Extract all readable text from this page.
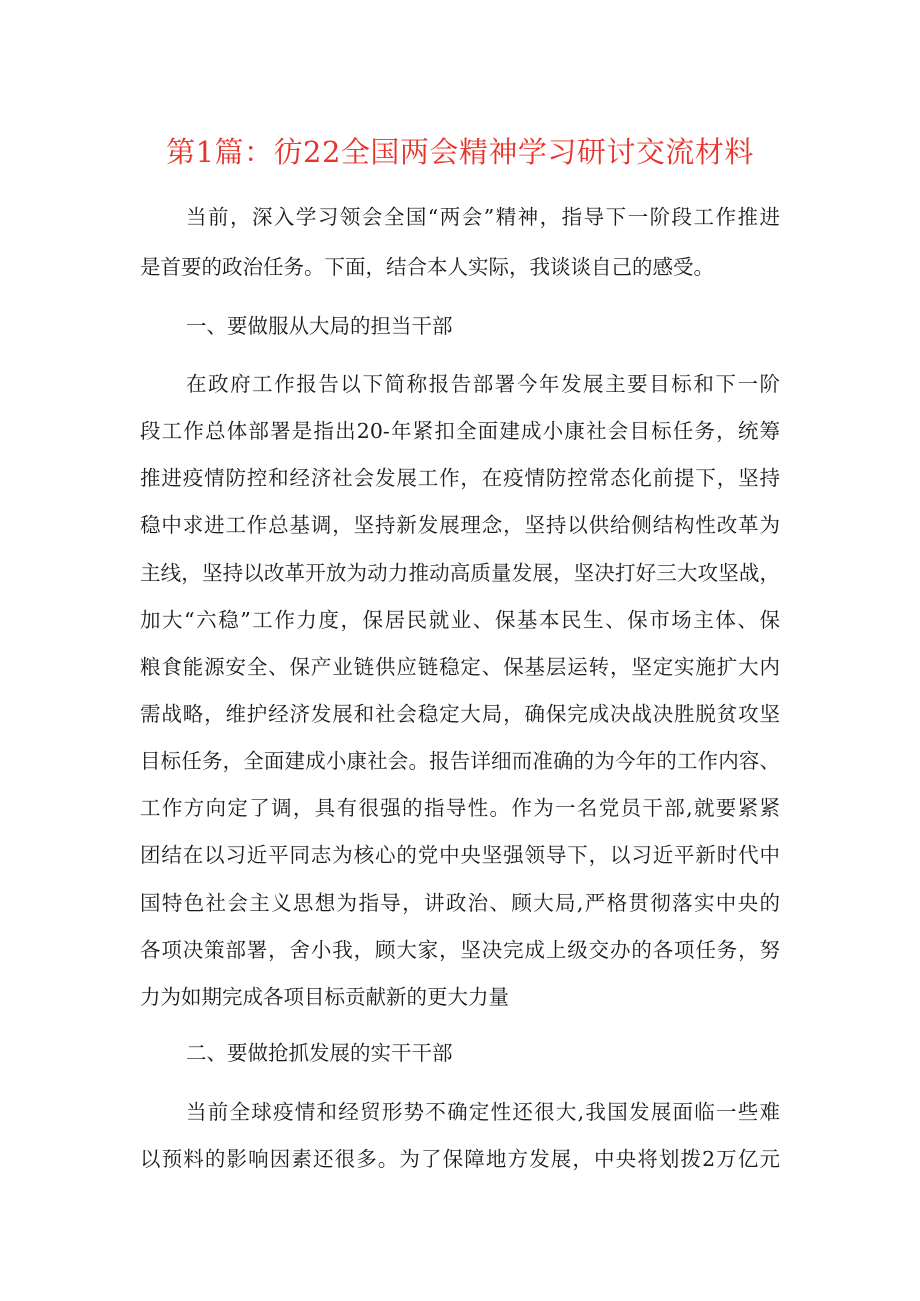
第1篇：彷22全国两会精神学习研讨交流材料
当前，深入学习领会全国“两会”精神，指导下一阶段工作推进
是首要的政治任务。下面，结合本人实际，我谈谈自己的感受。
一、要做服从大局的担当干部
在政府工作报告以下简称报告部署今年发展主要目标和下一阶
段工作总体部署是指出20-年紧扣全面建成小康社会目标任务，统筹
推进疫情防控和经济社会发展工作，在疫情防控常态化前提下，坚持
稳中求进工作总基调，坚持新发展理念，坚持以供给侧结构性改革为
主线，坚持以改革开放为动力推动高质量发展，坚决打好三大攻坚战，
加大“六稳”工作力度，保居民就业、保基本民生、保市场主体、保
粮食能源安全、保产业链供应链稳定、保基层运转，坚定实施扩大内
需战略，维护经济发展和社会稳定大局，确保完成决战决胜脱贫攻坚
目标任务，全面建成小康社会。报告详细而准确的为今年的工作内容、
工作方向定了调，具有很强的指导性。作为一名党员干部,就要紧紧
团结在以习近平同志为核心的党中央坚强领导下，以习近平新时代中
国特色社会主义思想为指导，讲政治、顾大局,严格贯彻落实中央的
各项决策部署，舍小我，顾大家，坚决完成上级交办的各项任务，努
力为如期完成各项目标贡献新的更大力量
二、要做抢抓发展的实干干部
当前全球疫情和经贸形势不确定性还很大,我国发展面临一些难
以预料的影响因素还很多。为了保障地方发展，中央将划拨2万亿元
